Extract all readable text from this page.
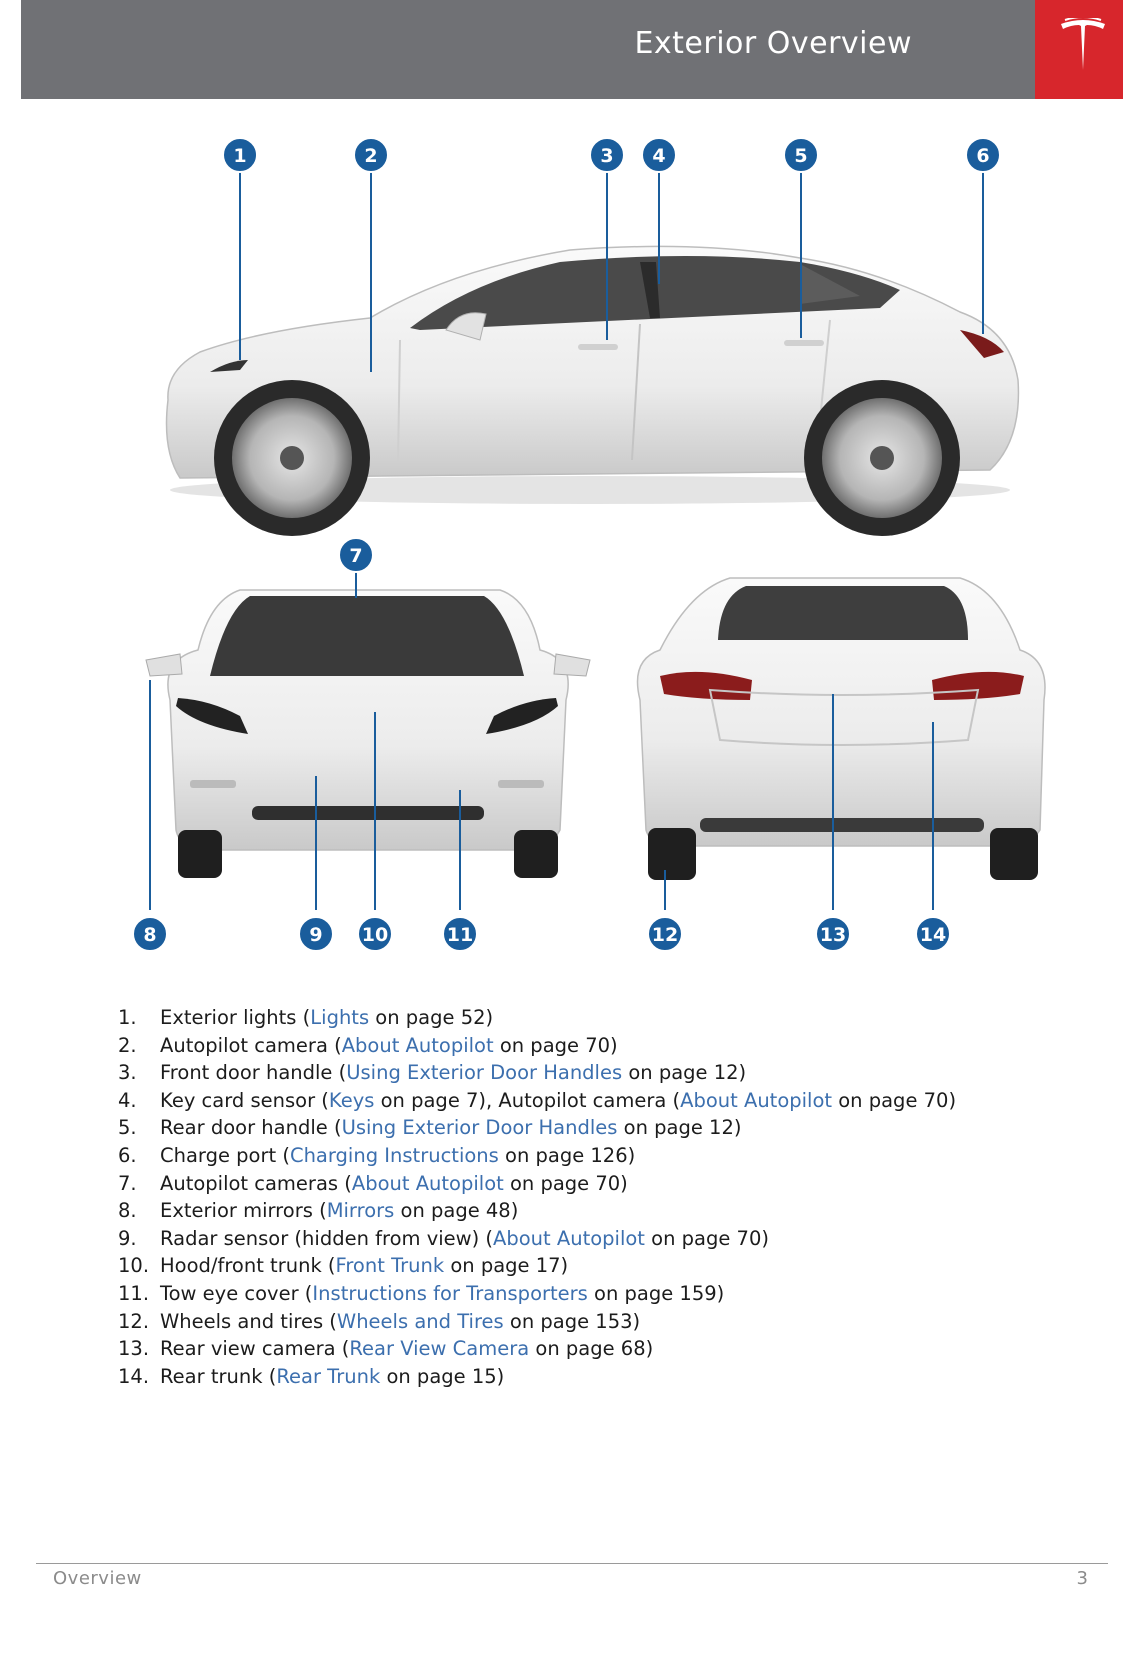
Exterior Overview
1	2	3 4	5	6
7
8	9 10	11	12	13	14
1. Exterior lights (Lights on page 52)
2. Autopilot camera (About Autopilot on page 70)
3. Front door handle (Using Exterior Door Handles on page 12)
4. Key card sensor (Keys on page 7), Autopilot camera (About Autopilot on page 70)
5. Rear door handle (Using Exterior Door Handles on page 12)
6. Charge port (Charging Instructions on page 126)
7. Autopilot cameras (About Autopilot on page 70)
8. Exterior mirrors (Mirrors on page 48)
9. Radar sensor (hidden from view) (About Autopilot on page 70)
10. Hood/front trunk (Front Trunk on page 17)
11. Tow eye cover (Instructions for Transporters on page 159)
12. Wheels and tires (Wheels and Tires on page 153)
13. Rear view camera (Rear View Camera on page 68)
14. Rear trunk (Rear Trunk on page 15)
Overview	3
